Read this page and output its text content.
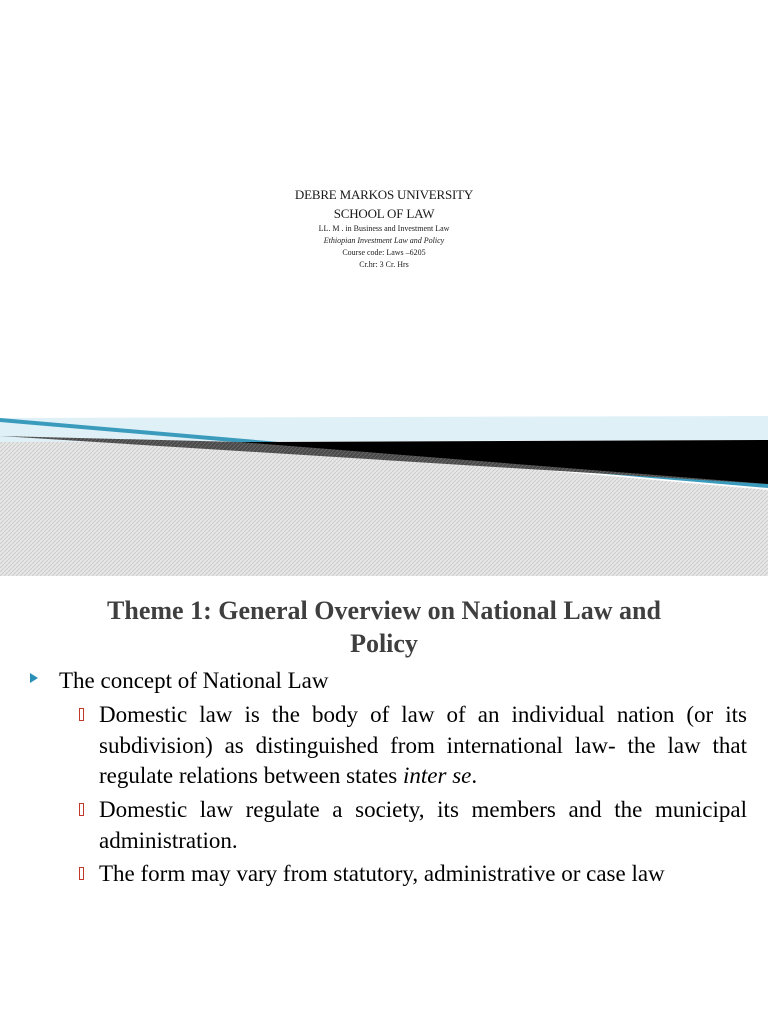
DEBRE MARKOS UNIVERSITY
SCHOOL OF LAW
LL. M . in Business and Investment Law
Ethiopian Investment Law and Policy
Course code: Laws –6205
Cr.hr: 3 Cr. Hrs
Theme 1: General Overview on National Law and
Policy
The concept of National Law
Domestic law is the body of law of an individual nation (or its subdivision) as distinguished from international law- the law that regulate relations between states inter se.
Domestic law regulate a society, its members and the municipal administration.
The form may vary from statutory, administrative or case law
